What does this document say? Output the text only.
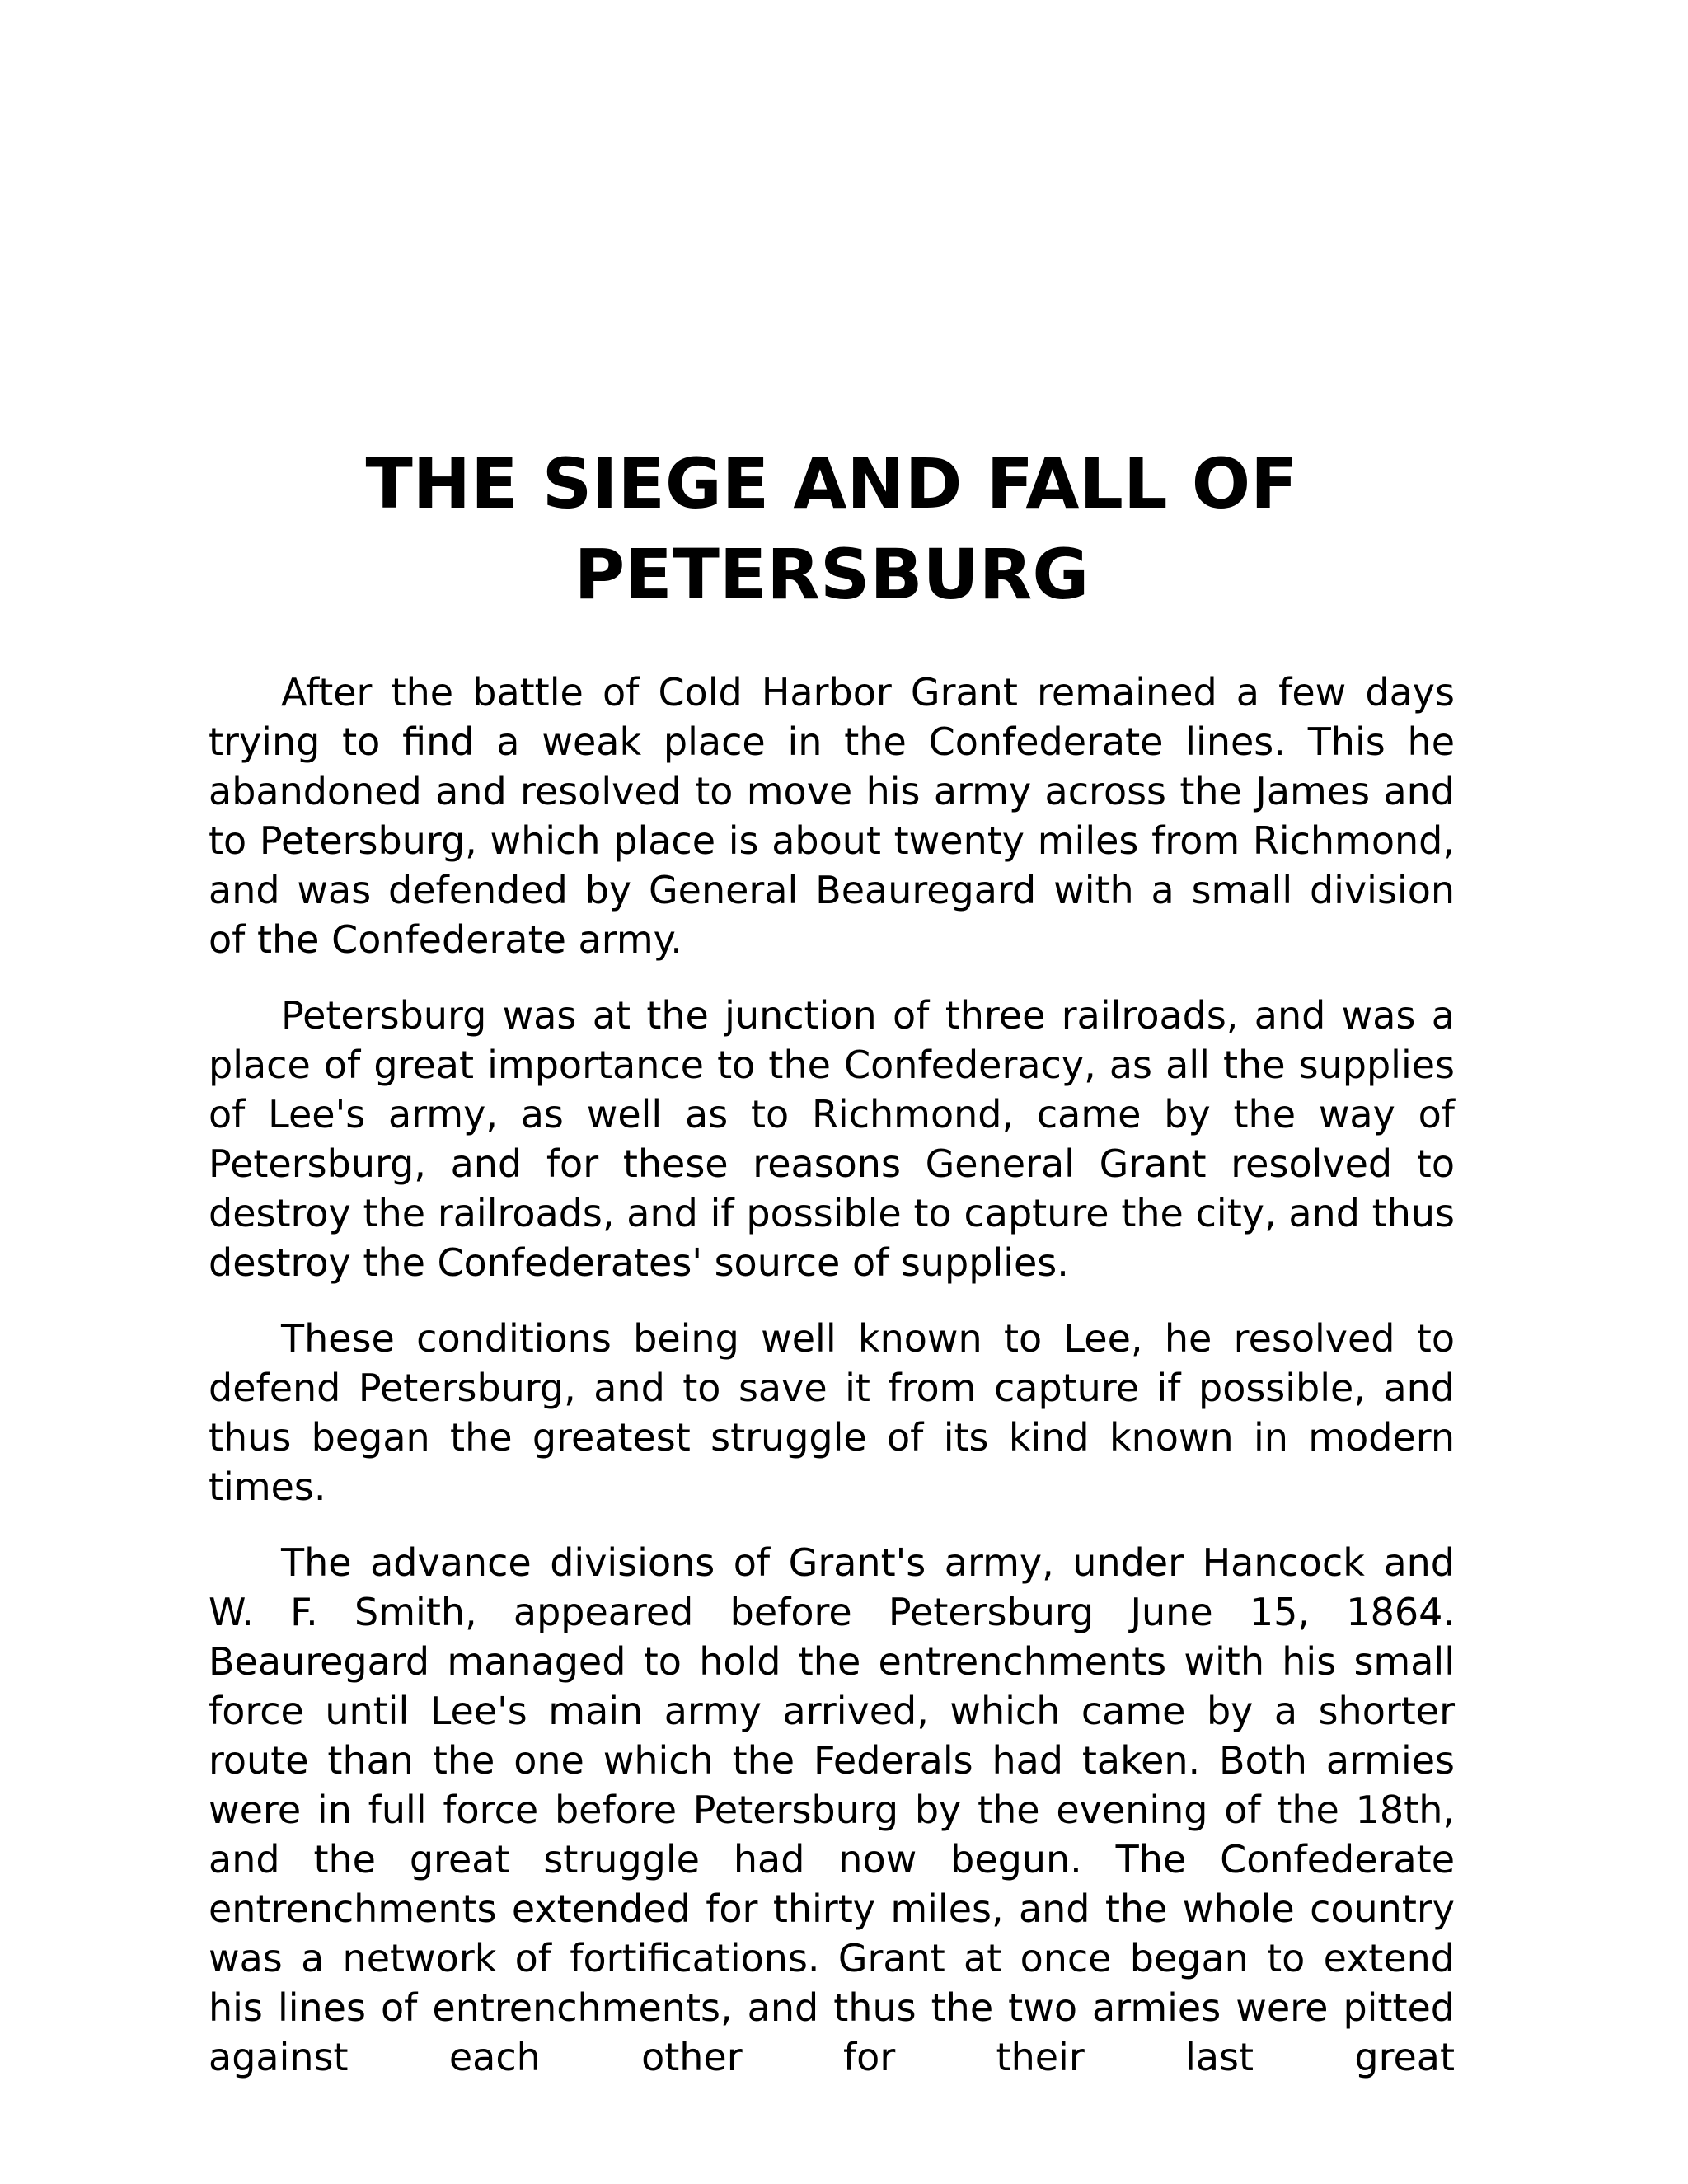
THE SIEGE AND FALL OF
PETERSBURG

After the battle of Cold Harbor Grant remained a few days trying to find a weak place in the Confederate lines. This he abandoned and resolved to move his army across the James and to Petersburg, which place is about twenty miles from Richmond, and was defended by General Beauregard with a small division of the Confederate army.

Petersburg was at the junction of three railroads, and was a place of great importance to the Confederacy, as all the supplies of Lee's army, as well as to Richmond, came by the way of Petersburg, and for these reasons General Grant resolved to destroy the railroads, and if possible to capture the city, and thus destroy the Confederates' source of supplies.

These conditions being well known to Lee, he resolved to defend Petersburg, and to save it from capture if possible, and thus began the greatest struggle of its kind known in modern times.

The advance divisions of Grant's army, under Hancock and W. F. Smith, appeared before Petersburg June 15, 1864. Beauregard managed to hold the entrenchments with his small force until Lee's main army arrived, which came by a shorter route than the one which the Federals had taken. Both armies were in full force before Petersburg by the evening of the 18th, and the great struggle had now begun. The Confederate entrenchments extended for thirty miles, and the whole country was a network of fortifications. Grant at once began to extend his lines of entrenchments, and thus the two armies were pitted against each other for their last great
